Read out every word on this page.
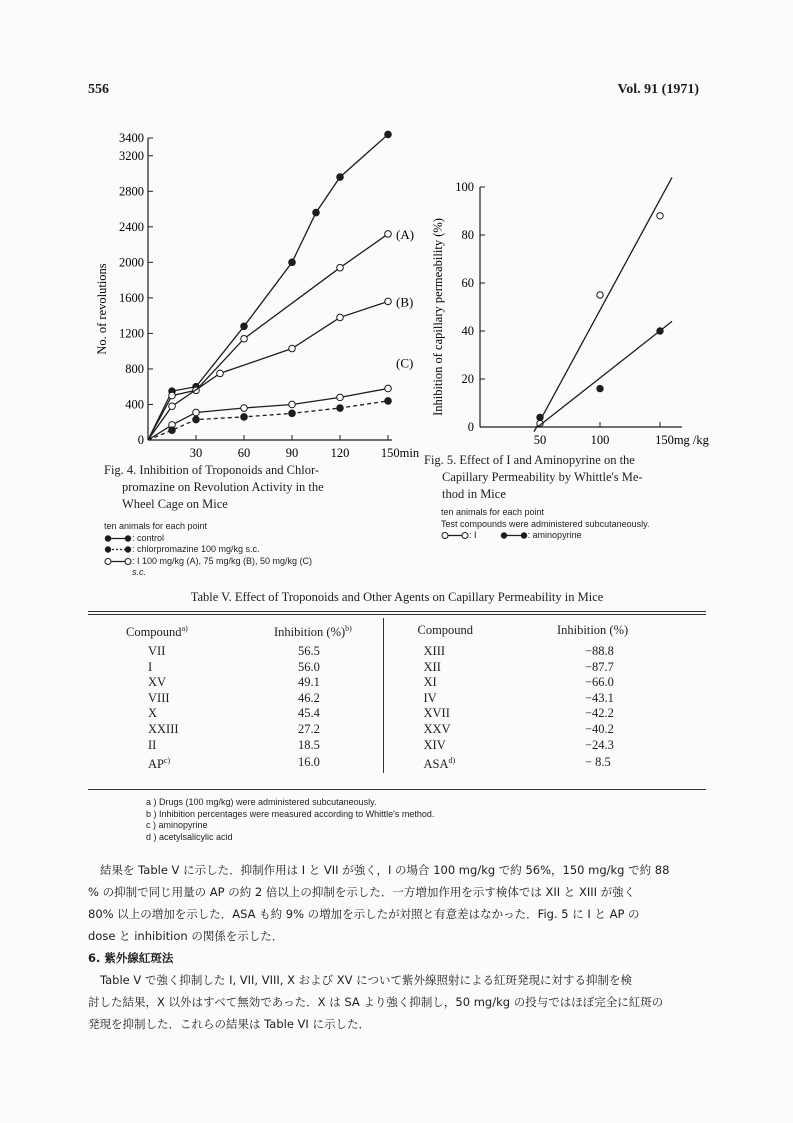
556	Vol. 91 (1971)
0
400
800
1200
1600
2000
2400
2800
3200
3400
30	60	90	120	150min
No. of revolutions
(A)
(B)
(C)
Fig. 4. Inhibition of Troponoids and Chlor-
promazine on Revolution Activity in the
Wheel Cage on Mice
ten animals for each point
: control
: chlorpromazine 100 mg/kg s.c.
: I 100 mg/kg (A), 75 mg/kg (B), 50 mg/kg (C)
s.c.
0
20
40
60
80
100
50	100	150mg /kg
Inhibition of capillary permeability (%)
Fig. 5. Effect of I and Aminopyrine on the
Capillary Permeability by Whittle's Me-
thod in Mice
ten animals for each point
Test compounds were administered subcutaneously.
: I	: aminopyrine
Table V. Effect of Troponoids and Other Agents on Capillary Permeability in Mice
Compound$^{a)}$	Inhibition (%)$^{b)}$	Compound	Inhibition (%)
VII	56.5	XIII	−88.8
I	56.0	XII	−87.7
XV	49.1	XI	−66.0
VIII	46.2	IV	−43.1
X	45.4	XVII	−42.2
XXIII	27.2	XXV	−40.2
II	18.5	XIV	−24.3
AP$^{c)}$	16.0	$ASA^{d)}$	− 8.5
a ) Drugs (100 mg/kg) were administered subcutaneously.
b ) Inhibition percentages were measured according to Whittle's method.
c ) aminopyrine
d ) acetylsalicylic acid
結果を Table V に示した．抑制作用は I と VII が強く，I の場合 100 mg/kg で約 56%，150 mg/kg で約 88
% の抑制で同じ用量の AP の約 2 倍以上の抑制を示した．一方増加作用を示す検体では XII と XIII が強く
80% 以上の増加を示した．ASA も約 9% の増加を示したが対照と有意差はなかった．Fig. 5 に I と AP の
dose と inhibition の関係を示した．
6. 紫外線紅斑法
Table V で強く抑制した I, VII, VIII, X および XV について紫外線照射による紅斑発現に対する抑制を検
討した結果，X 以外はすべて無効であった．X は SA より強く抑制し，50 mg/kg の投与ではほぼ完全に紅斑の
発現を抑制した．これらの結果は Table VI に示した．
